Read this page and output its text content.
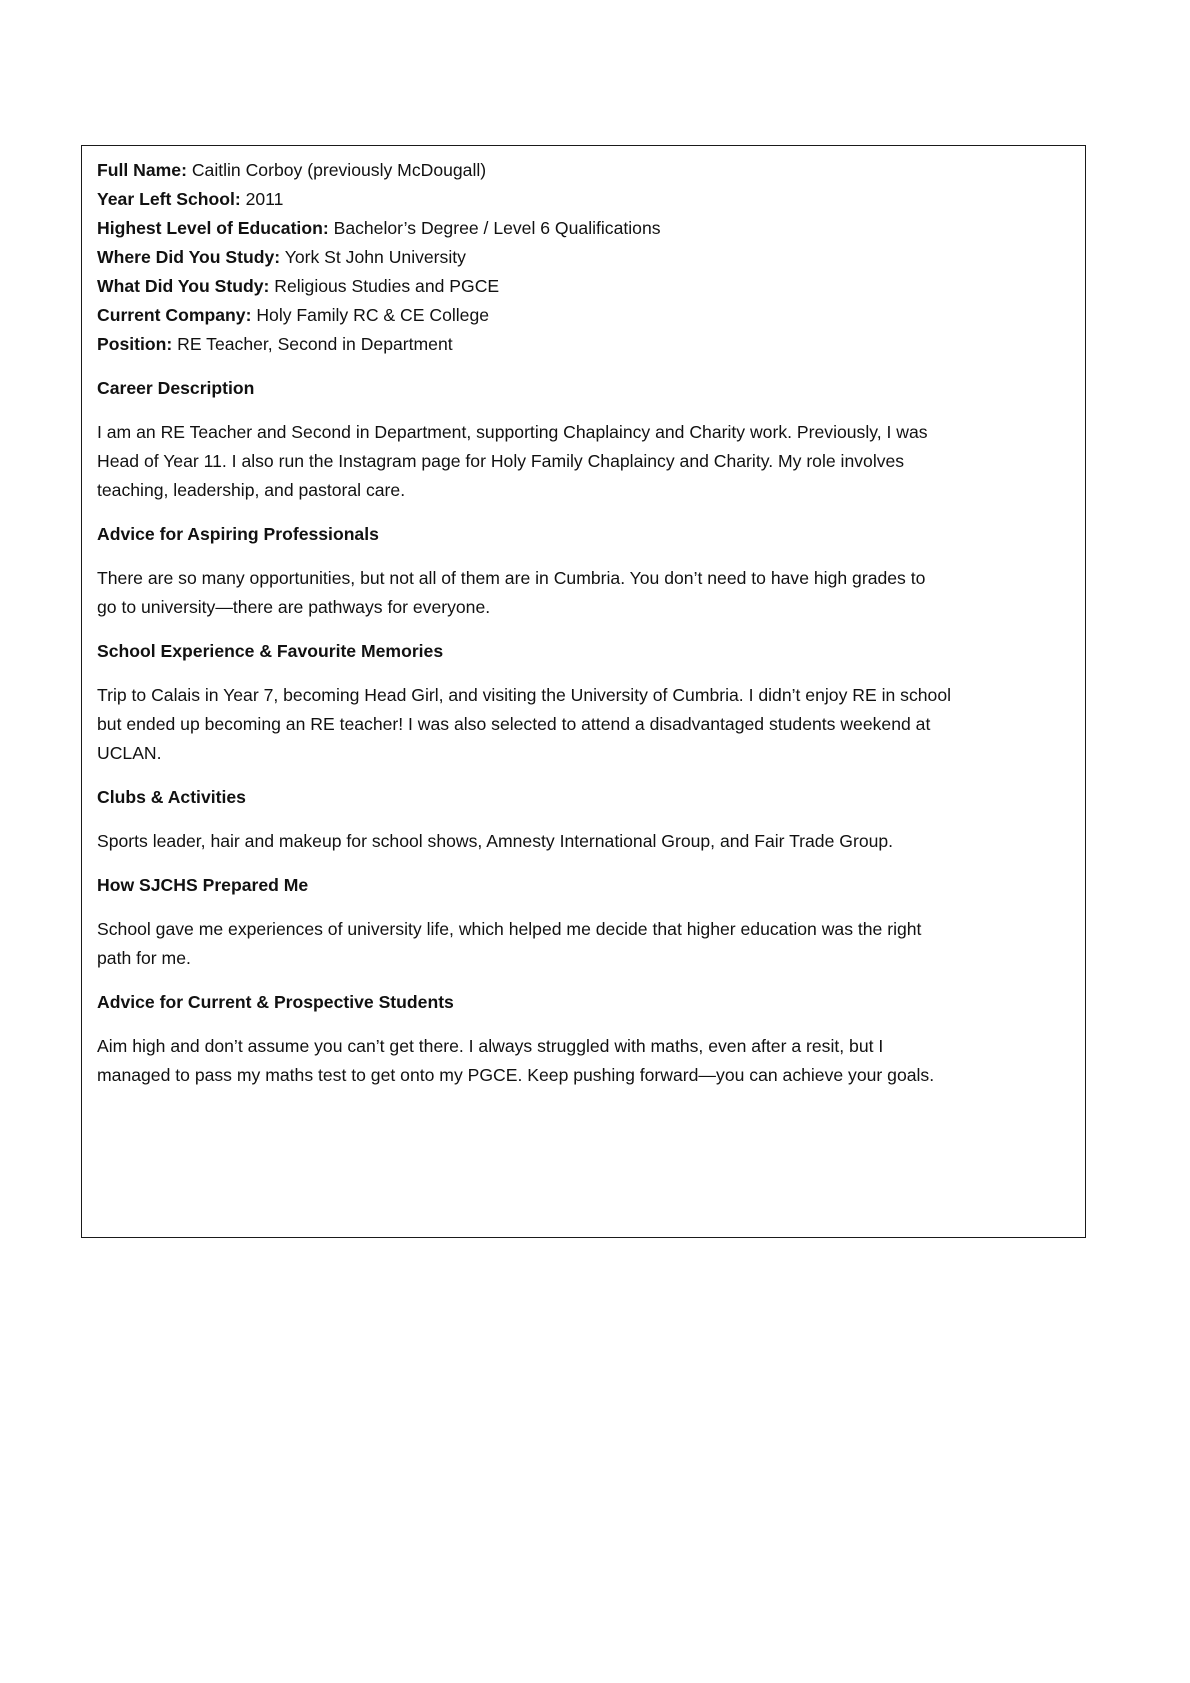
Full Name: Caitlin Corboy (previously McDougall)
Year Left School: 2011
Highest Level of Education: Bachelor’s Degree / Level 6 Qualifications
Where Did You Study: York St John University
What Did You Study: Religious Studies and PGCE
Current Company: Holy Family RC & CE College
Position: RE Teacher, Second in Department
Career Description
I am an RE Teacher and Second in Department, supporting Chaplaincy and Charity work. Previously, I was
Head of Year 11. I also run the Instagram page for Holy Family Chaplaincy and Charity. My role involves
teaching, leadership, and pastoral care.
Advice for Aspiring Professionals
There are so many opportunities, but not all of them are in Cumbria. You don’t need to have high grades to
go to university—there are pathways for everyone.
School Experience & Favourite Memories
Trip to Calais in Year 7, becoming Head Girl, and visiting the University of Cumbria. I didn’t enjoy RE in school
but ended up becoming an RE teacher! I was also selected to attend a disadvantaged students weekend at
UCLAN.
Clubs & Activities
Sports leader, hair and makeup for school shows, Amnesty International Group, and Fair Trade Group.
How SJCHS Prepared Me
School gave me experiences of university life, which helped me decide that higher education was the right
path for me.
Advice for Current & Prospective Students
Aim high and don’t assume you can’t get there. I always struggled with maths, even after a resit, but I
managed to pass my maths test to get onto my PGCE. Keep pushing forward—you can achieve your goals.
